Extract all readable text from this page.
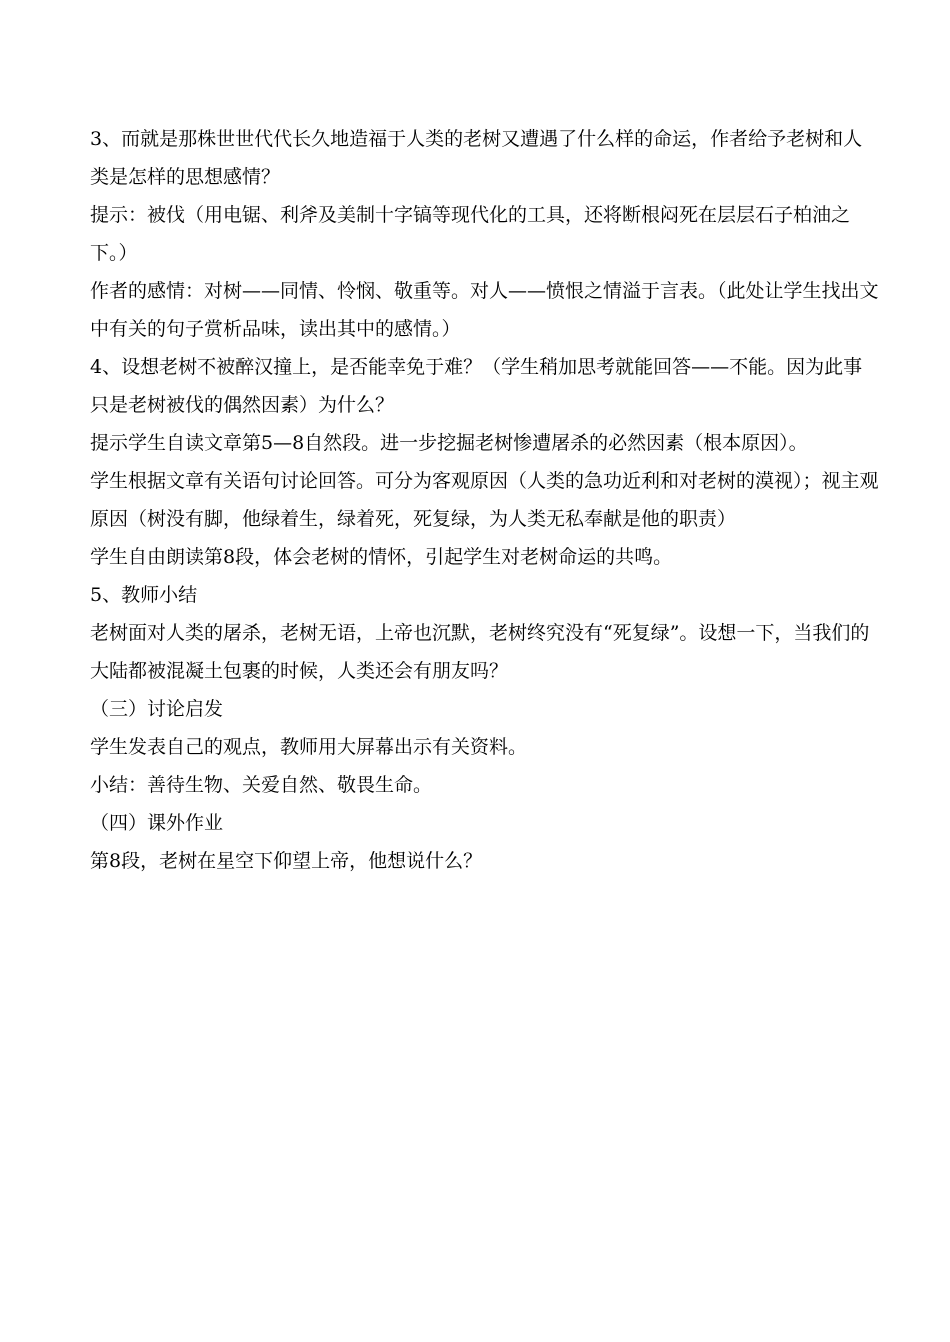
3、而就是那株世世代代长久地造福于人类的老树又遭遇了什么样的命运，作者给予老树和人类是怎样的思想感情？

提示：被伐（用电锯、利斧及美制十字镐等现代化的工具，还将断根闷死在层层石子柏油之下。）

作者的感情：对树——同情、怜悯、敬重等。对人——愤恨之情溢于言表。（此处让学生找出文中有关的句子赏析品味，读出其中的感情。）

4、设想老树不被醉汉撞上，是否能幸免于难？（学生稍加思考就能回答——不能。因为此事只是老树被伐的偶然因素）为什么？

提示学生自读文章第5—8自然段。进一步挖掘老树惨遭屠杀的必然因素（根本原因）。

学生根据文章有关语句讨论回答。可分为客观原因（人类的急功近利和对老树的漠视）；视主观原因（树没有脚，他绿着生，绿着死，死复绿，为人类无私奉献是他的职责）

学生自由朗读第8段，体会老树的情怀，引起学生对老树命运的共鸣。

5、教师小结

老树面对人类的屠杀，老树无语，上帝也沉默，老树终究没有“死复绿”。设想一下，当我们的大陆都被混凝土包裹的时候，人类还会有朋友吗？

（三）讨论启发

学生发表自己的观点，教师用大屏幕出示有关资料。

小结：善待生物、关爱自然、敬畏生命。

（四）课外作业

第8段，老树在星空下仰望上帝，他想说什么？
